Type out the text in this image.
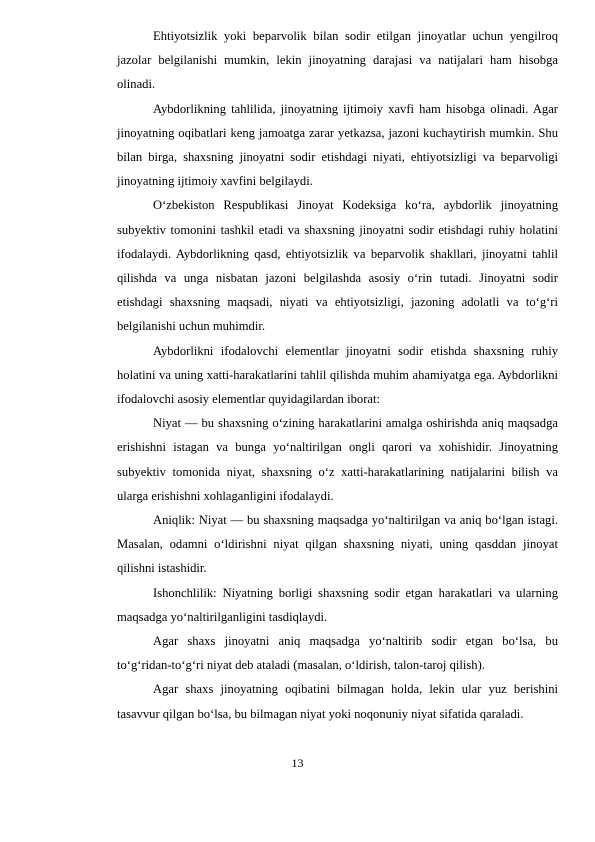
Ehtiyotsizlik yoki beparvolik bilan sodir etilgan jinoyatlar uchun yengilroq jazolar belgilanishi mumkin, lekin jinoyatning darajasi va natijalari ham hisobga olinadi.

Aybdorlikning tahlilida, jinoyatning ijtimoiy xavfi ham hisobga olinadi. Agar jinoyatning oqibatlari keng jamoatga zarar yetkazsa, jazoni kuchaytirish mumkin. Shu bilan birga, shaxsning jinoyatni sodir etishdagi niyati, ehtiyotsizligi va beparvoligi jinoyatning ijtimoiy xavfini belgilaydi.

O‘zbekiston Respublikasi Jinoyat Kodeksiga ko‘ra, aybdorlik jinoyatning subyektiv tomonini tashkil etadi va shaxsning jinoyatni sodir etishdagi ruhiy holatini ifodalaydi. Aybdorlikning qasd, ehtiyotsizlik va beparvolik shakllari, jinoyatni tahlil qilishda va unga nisbatan jazoni belgilashda asosiy o‘rin tutadi. Jinoyatni sodir etishdagi shaxsning maqsadi, niyati va ehtiyotsizligi, jazoning adolatli va to‘g‘ri belgilanishi uchun muhimdir.

Aybdorlikni ifodalovchi elementlar jinoyatni sodir etishda shaxsning ruhiy holatini va uning xatti-harakatlarini tahlil qilishda muhim ahamiyatga ega. Aybdorlikni ifodalovchi asosiy elementlar quyidagilardan iborat:

Niyat — bu shaxsning o‘zining harakatlarini amalga oshirishda aniq maqsadga erishishni istagan va bunga yo‘naltirilgan ongli qarori va xohishidir. Jinoyatning subyektiv tomonida niyat, shaxsning o‘z xatti-harakatlarining natijalarini bilish va ularga erishishni xohlaganligini ifodalaydi.

Aniqlik: Niyat — bu shaxsning maqsadga yo‘naltirilgan va aniq bo‘lgan istagi. Masalan, odamni o‘ldirishni niyat qilgan shaxsning niyati, uning qasddan jinoyat qilishni istashidir.

Ishonchlilik: Niyatning borligi shaxsning sodir etgan harakatlari va ularning maqsadga yo‘naltirilganligini tasdiqlaydi.

Agar shaxs jinoyatni aniq maqsadga yo‘naltirib sodir etgan bo‘lsa, bu to‘g‘ridan-to‘g‘ri niyat deb ataladi (masalan, o‘ldirish, talon-taroj qilish).

Agar shaxs jinoyatning oqibatini bilmagan holda, lekin ular yuz berishini tasavvur qilgan bo‘lsa, bu bilmagan niyat yoki noqonuniy niyat sifatida qaraladi.

13
